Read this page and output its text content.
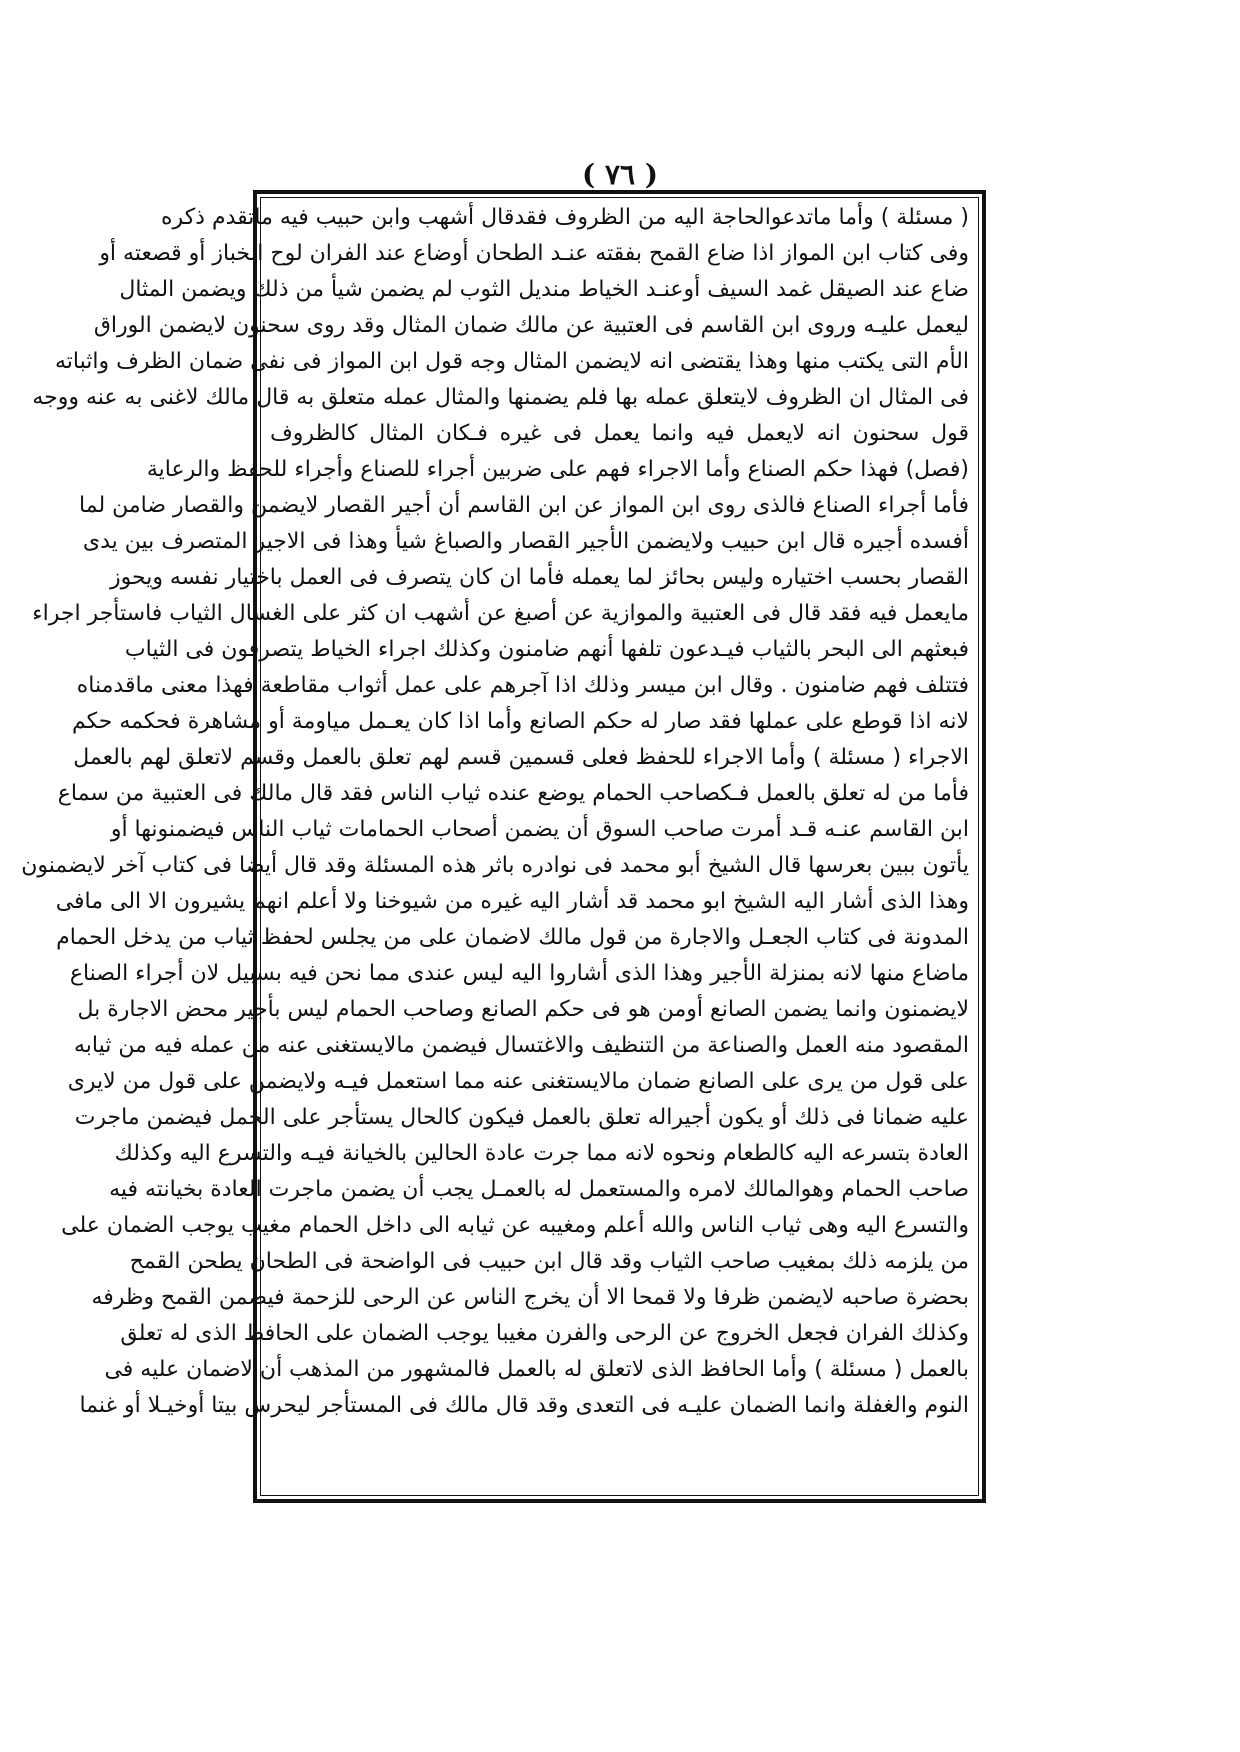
( ٧٦ )
( مسئلة ) وأما ماتدعوالحاجة اليه من الظروف فقدقال أشهب وابن حبيب فيه ماتقدم ذكره
وفى كتاب ابن المواز اذا ضاع القمح بفقته عنـد الطحان أوضاع عند الفران لوح الخباز أو قصعته أو
ضاع عند الصيقل غمد السيف أوعنـد الخياط منديل الثوب لم يضمن شيأ من ذلك ويضمن المثال
ليعمل عليـه وروى ابن القاسم فى العتبية عن مالك ضمان المثال وقد روى سحنون لايضمن الوراق
الأم التى يكتب منها وهذا يقتضى انه لايضمن المثال وجه قول ابن المواز فى نفى ضمان الظرف واثباته
فى المثال ان الظروف لايتعلق عمله بها فلم يضمنها والمثال عمله متعلق به قال مالك لاغنى به عنه ووجه
قول سحنون انه لايعمل فيه وانما يعمل فى غيره فـكان المثال كالظروف
(فصل) فهذا حكم الصناع وأما الاجراء فهم على ضربين أجراء للصناع وأجراء للحفظ والرعاية
فأما أجراء الصناع فالذى روى ابن المواز عن ابن القاسم أن أجير القصار لايضمن والقصار ضامن لما
أفسده أجيره قال ابن حبيب ولايضمن الأجير القصار والصباغ شيأ وهذا فى الاجير المتصرف بين يدى
القصار بحسب اختياره وليس بحائز لما يعمله فأما ان كان يتصرف فى العمل باختيار نفسه ويحوز
مايعمل فيه فقد قال فى العتبية والموازية عن أصبغ عن أشهب ان كثر على الغسال الثياب فاستأجر اجراء
فبعثهم الى البحر بالثياب فيـدعون تلفها أنهم ضامنون وكذلك اجراء الخياط يتصرفون فى الثياب
فتتلف فهم ضامنون . وقال ابن ميسر وذلك اذا آجرهم على عمل أثواب مقاطعة فهذا معنى ماقدمناه
لانه اذا قوطع على عملها فقد صار له حكم الصانع وأما اذا كان يعـمل مياومة أو مشاهرة فحكمه حكم
الاجراء ( مسئلة ) وأما الاجراء للحفظ فعلى قسمين قسم لهم تعلق بالعمل وقسم لاتعلق لهم بالعمل
فأما من له تعلق بالعمل فـكصاحب الحمام يوضع عنده ثياب الناس فقد قال مالك فى العتبية من سماع
ابن القاسم عنـه قـد أمرت صاحب السوق أن يضمن أصحاب الحمامات ثياب الناس فيضمنونها أو
يأتون ببين بعرسها قال الشيخ أبو محمد فى نوادره باثر هذه المسئلة وقد قال أيضا فى كتاب آخر لايضمنون
وهذا الذى أشار اليه الشيخ ابو محمد قد أشار اليه غيره من شيوخنا ولا أعلم انهم يشيرون الا الى مافى
المدونة فى كتاب الجعـل والاجارة من قول مالك لاضمان على من يجلس لحفظ ثياب من يدخل الحمام
ماضاع منها لانه بمنزلة الأجير وهذا الذى أشاروا اليه ليس عندى مما نحن فيه بسبيل لان أجراء الصناع
لايضمنون وانما يضمن الصانع أومن هو فى حكم الصانع وصاحب الحمام ليس بأجير محض الاجارة بل
المقصود منه العمل والصناعة من التنظيف والاغتسال فيضمن مالايستغنى عنه من عمله فيه من ثيابه
على قول من يرى على الصانع ضمان مالايستغنى عنه مما استعمل فيـه ولايضمن على قول من لايرى
عليه ضمانا فى ذلك أو يكون أجيراله تعلق بالعمل فيكون كالحال يستأجر على الحمل فيضمن ماجرت
العادة بتسرعه اليه كالطعام ونحوه لانه مما جرت عادة الحالين بالخيانة فيـه والتسرع اليه وكذلك
صاحب الحمام وهوالمالك لامره والمستعمل له بالعمـل يجب أن يضمن ماجرت العادة بخيانته فيه
والتسرع اليه وهى ثياب الناس والله أعلم ومغيبه عن ثيابه الى داخل الحمام مغيب يوجب الضمان على
من يلزمه ذلك بمغيب صاحب الثياب وقد قال ابن حبيب فى الواضحة فى الطحان يطحن القمح
بحضرة صاحبه لايضمن ظرفا ولا قمحا الا أن يخرج الناس عن الرحى للزحمة فيضمن القمح وظرفه
وكذلك الفران فجعل الخروج عن الرحى والفرن مغيبا يوجب الضمان على الحافظ الذى له تعلق
بالعمل ( مسئلة ) وأما الحافظ الذى لاتعلق له بالعمل فالمشهور من المذهب أن لاضمان عليه فى
النوم والغفلة وانما الضمان عليـه فى التعدى وقد قال مالك فى المستأجر ليحرس بيتا أوخيـلا أو غنما
